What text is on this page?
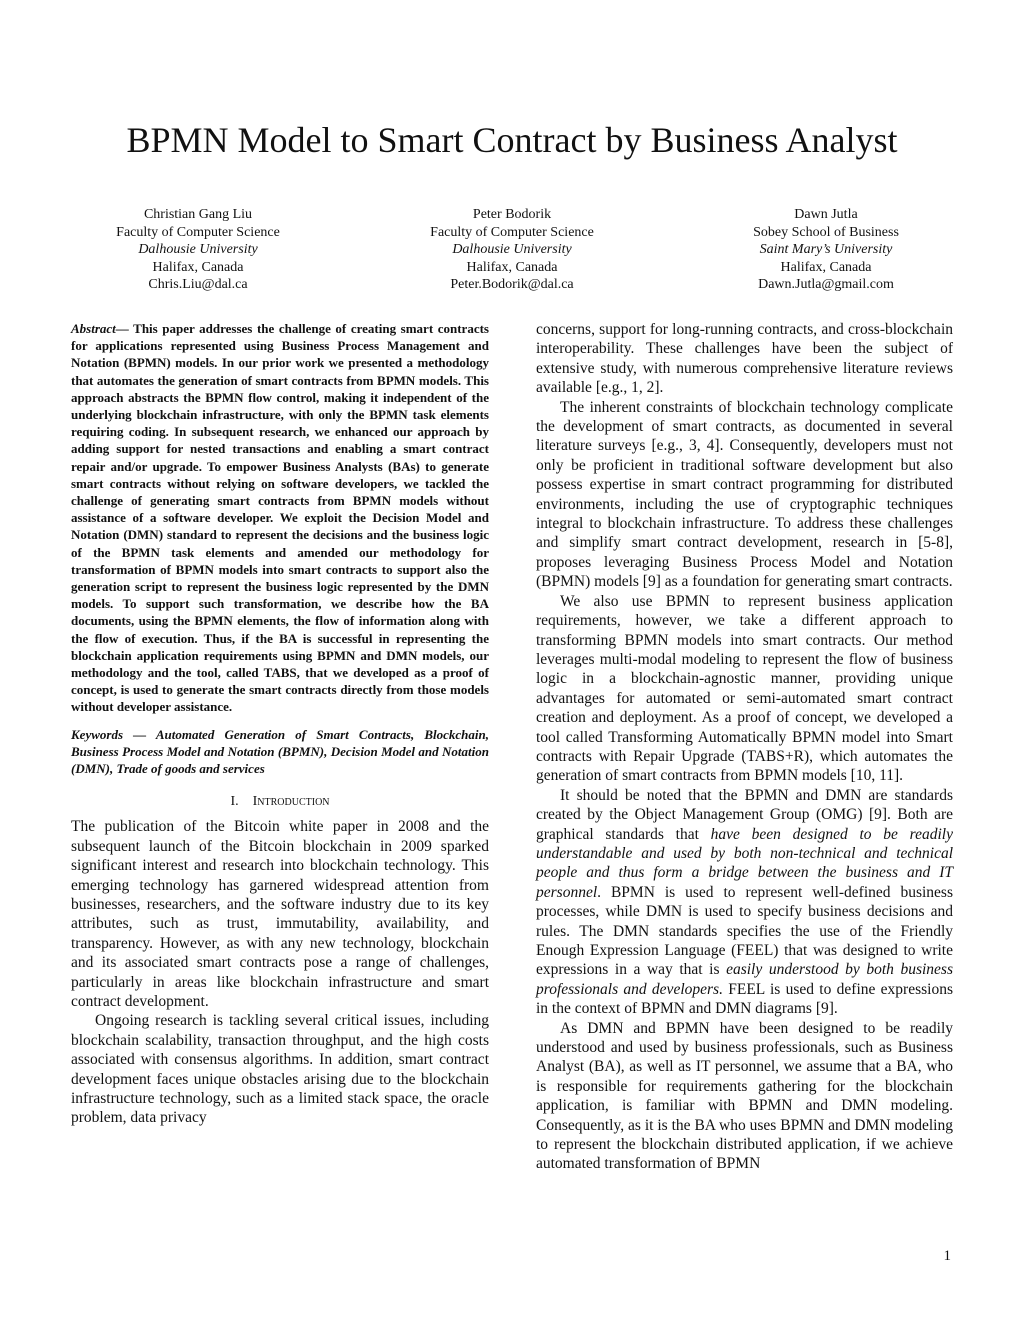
BPMN Model to Smart Contract by Business Analyst
Christian Gang Liu
Faculty of Computer Science
Dalhousie University
Halifax, Canada
Chris.Liu@dal.ca
Peter Bodorik
Faculty of Computer Science
Dalhousie University
Halifax, Canada
Peter.Bodorik@dal.ca
Dawn Jutla
Sobey School of Business
Saint Mary’s University
Halifax, Canada
Dawn.Jutla@gmail.com

Abstract— This paper addresses the challenge of creating smart contracts for applications represented using Business Process Management and Notation (BPMN) models. In our prior work we presented a methodology that automates the generation of smart contracts from BPMN models. This approach abstracts the BPMN flow control, making it independent of the underlying blockchain infrastructure, with only the BPMN task elements requiring coding. In subsequent research, we enhanced our approach by adding support for nested transactions and enabling a smart contract repair and/or upgrade. To empower Business Analysts (BAs) to generate smart contracts without relying on software developers, we tackled the challenge of generating smart contracts from BPMN models without assistance of a software developer. We exploit the Decision Model and Notation (DMN) standard to represent the decisions and the business logic of the BPMN task elements and amended our methodology for transformation of BPMN models into smart contracts to support also the generation script to represent the business logic represented by the DMN models. To support such transformation, we describe how the BA documents, using the BPMN elements, the flow of information along with the flow of execution. Thus, if the BA is successful in representing the blockchain application requirements using BPMN and DMN models, our methodology and the tool, called TABS, that we developed as a proof of concept, is used to generate the smart contracts directly from those models without developer assistance.

Keywords — Automated Generation of Smart Contracts, Blockchain, Business Process Model and Notation (BPMN), Decision Model and Notation (DMN), Trade of goods and services

I. Introduction

The publication of the Bitcoin white paper in 2008 and the subsequent launch of the Bitcoin blockchain in 2009 sparked significant interest and research into blockchain technology. This emerging technology has garnered widespread attention from businesses, researchers, and the software industry due to its key attributes, such as trust, immutability, availability, and transparency. However, as with any new technology, blockchain and its associated smart contracts pose a range of challenges, particularly in areas like blockchain infrastructure and smart contract development.

Ongoing research is tackling several critical issues, including blockchain scalability, transaction throughput, and the high costs associated with consensus algorithms. In addition, smart contract development faces unique obstacles arising due to the blockchain infrastructure technology, such as a limited stack space, the oracle problem, data privacy

concerns, support for long-running contracts, and cross-blockchain interoperability. These challenges have been the subject of extensive study, with numerous comprehensive literature reviews available [e.g., 1, 2].

The inherent constraints of blockchain technology complicate the development of smart contracts, as documented in several literature surveys [e.g., 3, 4]. Consequently, developers must not only be proficient in traditional software development but also possess expertise in smart contract programming for distributed environments, including the use of cryptographic techniques integral to blockchain infrastructure. To address these challenges and simplify smart contract development, research in [5-8], proposes leveraging Business Process Model and Notation (BPMN) models [9] as a foundation for generating smart contracts.

We also use BPMN to represent business application requirements, however, we take a different approach to transforming BPMN models into smart contracts. Our method leverages multi-modal modeling to represent the flow of business logic in a blockchain-agnostic manner, providing unique advantages for automated or semi-automated smart contract creation and deployment. As a proof of concept, we developed a tool called Transforming Automatically BPMN model into Smart contracts with Repair Upgrade (TABS+R), which automates the generation of smart contracts from BPMN models [10, 11].

It should be noted that the BPMN and DMN are standards created by the Object Management Group (OMG) [9]. Both are graphical standards that have been designed to be readily understandable and used by both non-technical and technical people and thus form a bridge between the business and IT personnel. BPMN is used to represent well-defined business processes, while DMN is used to specify business decisions and rules. The DMN standards specifies the use of the Friendly Enough Expression Language (FEEL) that was designed to write expressions in a way that is easily understood by both business professionals and developers. FEEL is used to define expressions in the context of BPMN and DMN diagrams [9].

As DMN and BPMN have been designed to be readily understood and used by business professionals, such as Business Analyst (BA), as well as IT personnel, we assume that a BA, who is responsible for requirements gathering for the blockchain application, is familiar with BPMN and DMN modeling. Consequently, as it is the BA who uses BPMN and DMN modeling to represent the blockchain distributed application, if we achieve automated transformation of BPMN

1
